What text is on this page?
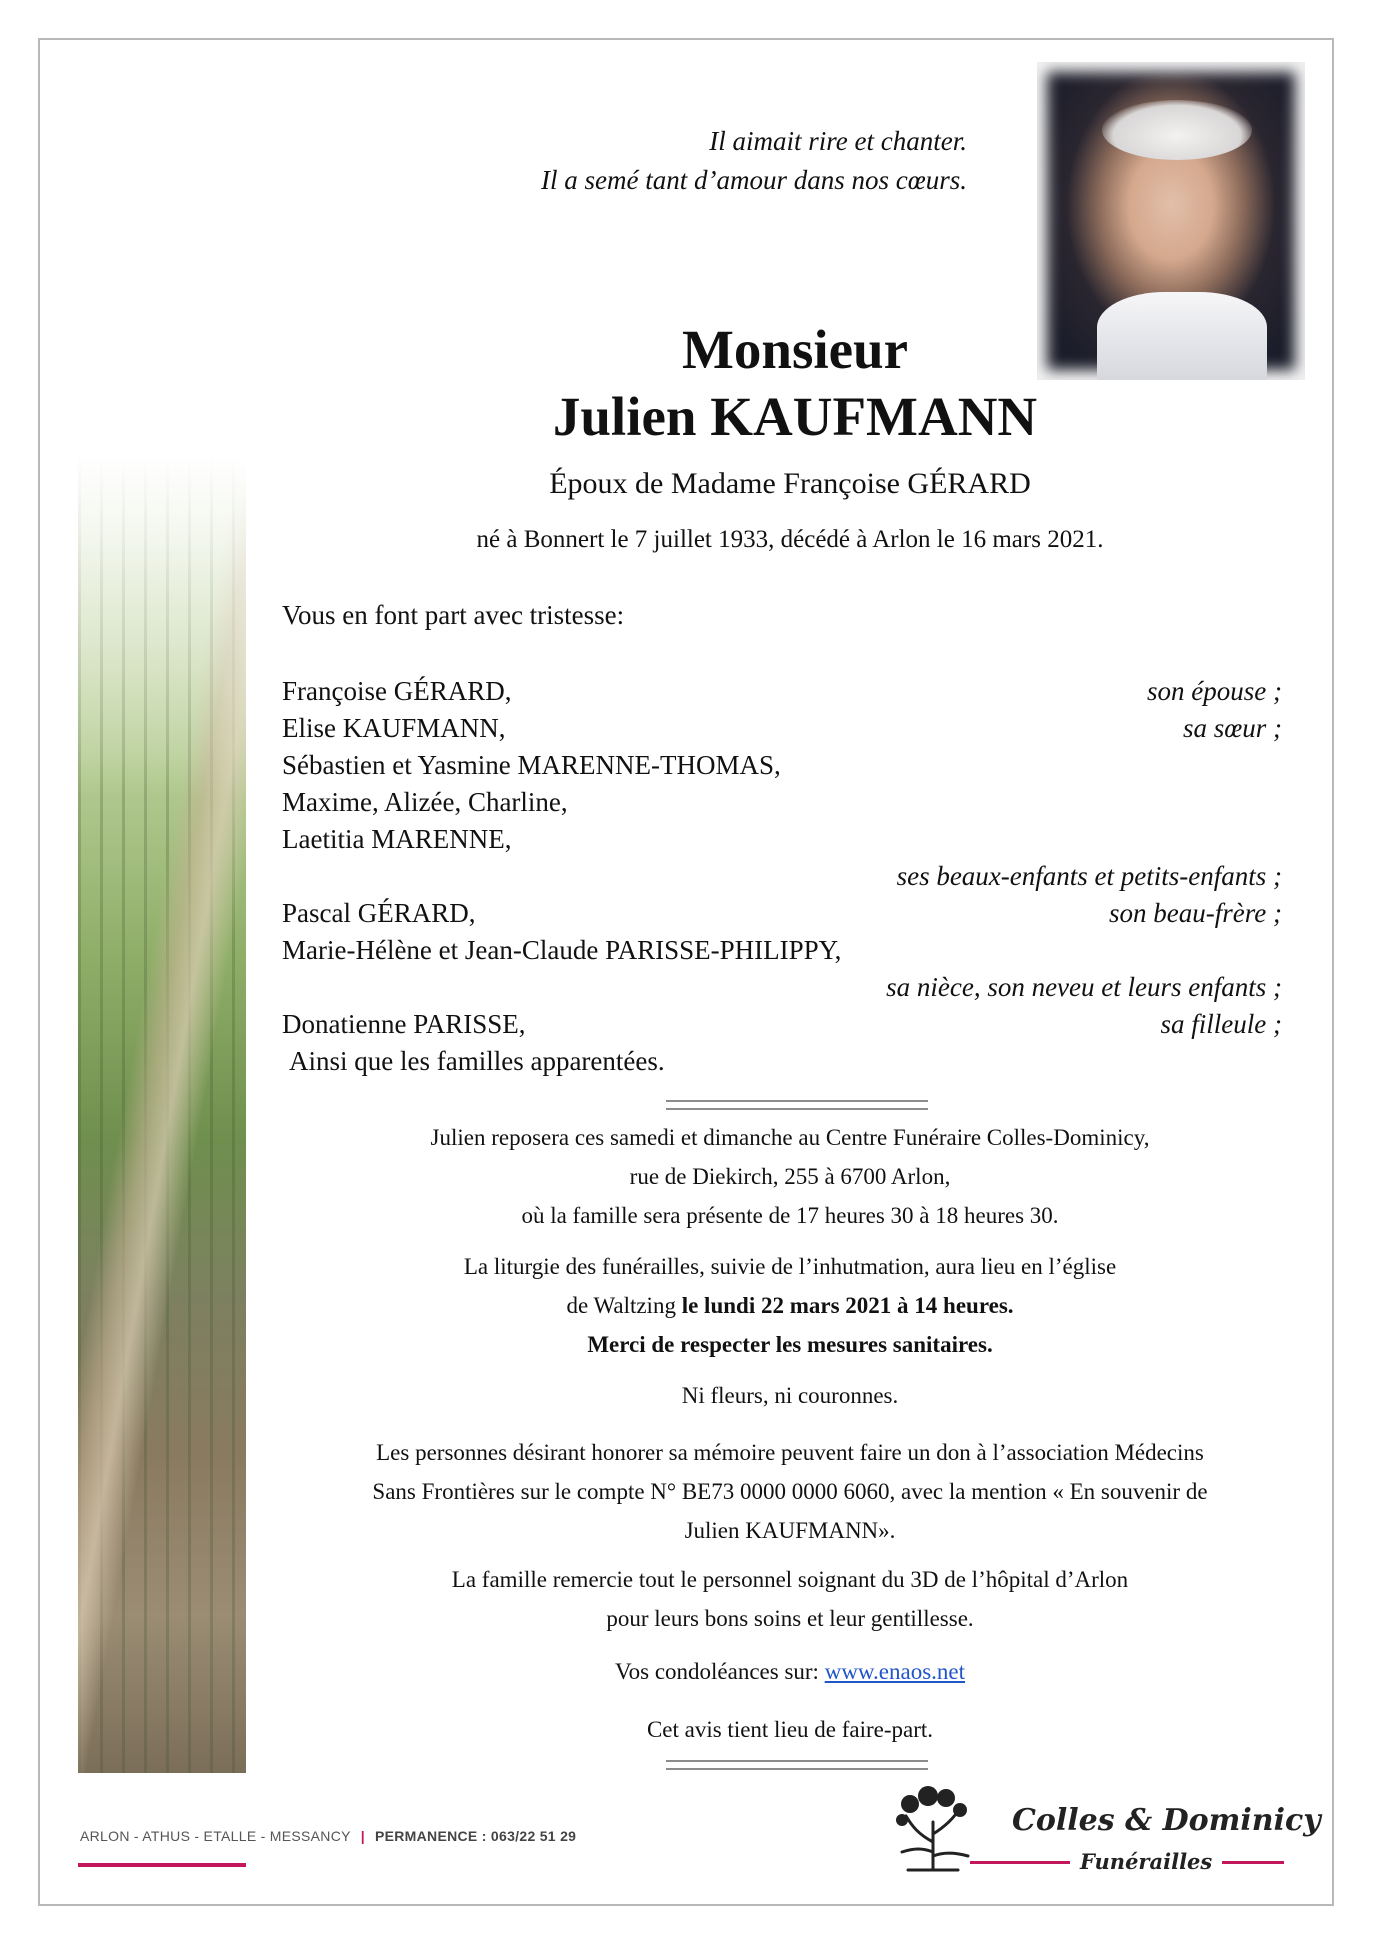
Il aimait rire et chanter.
Il a semé tant d’amour dans nos cœurs.
Monsieur
Julien KAUFMANN
Époux de Madame Françoise GÉRARD
né à Bonnert le 7 juillet 1933, décédé à Arlon le 16 mars 2021.
Vous en font part avec tristesse:
Françoise GÉRARD,	son épouse ;
Elise KAUFMANN,	sa sœur ;
Sébastien et Yasmine MARENNE-THOMAS,
Maxime, Alizée, Charline,
Laetitia MARENNE,
ses beaux-enfants et petits-enfants ;
Pascal GÉRARD,	son beau-frère ;
Marie-Hélène et Jean-Claude PARISSE-PHILIPPY,
sa nièce, son neveu et leurs enfants ;
Donatienne PARISSE,	sa filleule ;
Ainsi que les familles apparentées.
Julien reposera ces samedi et dimanche au Centre Funéraire Colles-Dominicy,
rue de Diekirch, 255 à 6700 Arlon,
où la famille sera présente de 17 heures 30 à 18 heures 30.
La liturgie des funérailles, suivie de l’inhutmation, aura lieu en l’église
de Waltzing le lundi 22 mars 2021 à 14 heures.
Merci de respecter les mesures sanitaires.
Ni fleurs, ni couronnes.
Les personnes désirant honorer sa mémoire peuvent faire un don à l’association Médecins
Sans Frontières sur le compte N° BE73 0000 0000 6060, avec la mention « En souvenir de
Julien KAUFMANN».
La famille remercie tout le personnel soignant du 3D de l’hôpital d’Arlon
pour leurs bons soins et leur gentillesse.
Vos condoléances sur: www.enaos.net
Cet avis tient lieu de faire-part.
ARLON - ATHUS - ETALLE - MESSANCY | PERMANENCE : 063/22 51 29	Colles & Dominicy
Funérailles
